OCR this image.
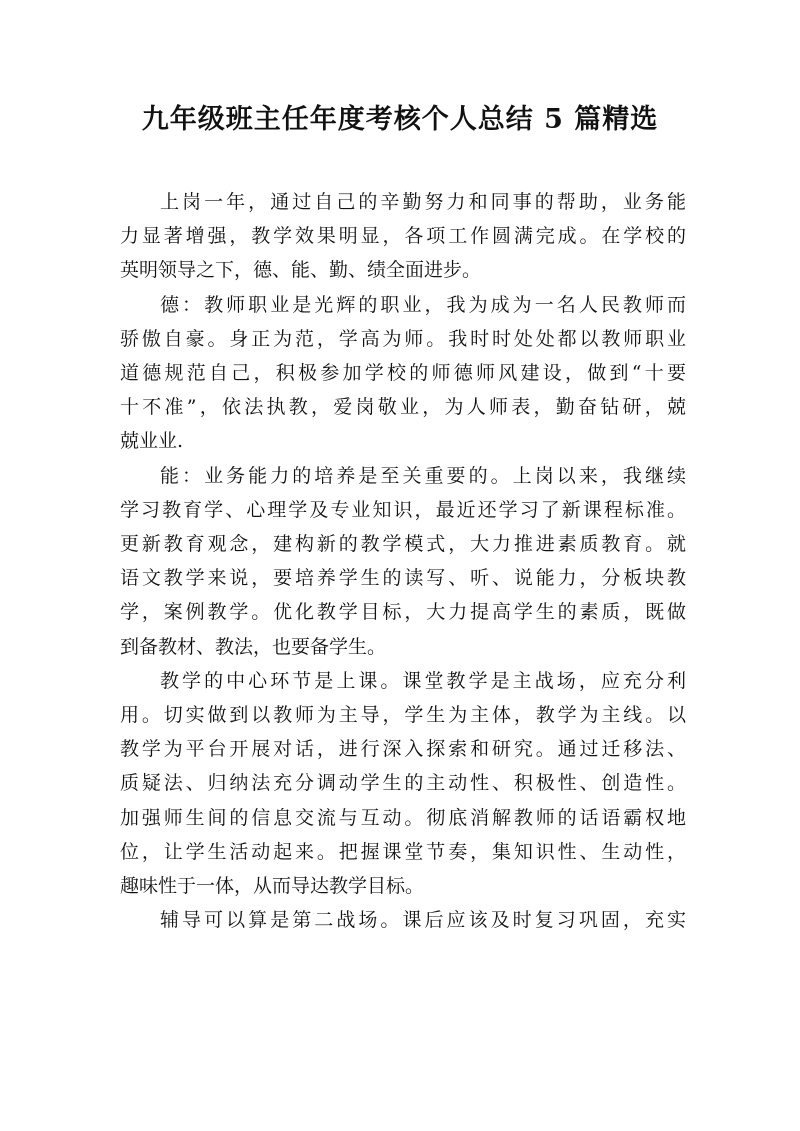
九年级班主任年度考核个人总结 5 篇精选

上岗一年，通过自己的辛勤努力和同事的帮助，业务能
力显著增强，教学效果明显，各项工作圆满完成。在学校的
英明领导之下，德、能、勤、绩全面进步。

德：教师职业是光辉的职业，我为成为一名人民教师而
骄傲自豪。身正为范，学高为师。我时时处处都以教师职业
道德规范自己，积极参加学校的师德师风建设，做到“十要
十不准”，依法执教，爱岗敬业，为人师表，勤奋钻研，兢
兢业业.

能：业务能力的培养是至关重要的。上岗以来，我继续
学习教育学、心理学及专业知识，最近还学习了新课程标准。
更新教育观念，建构新的教学模式，大力推进素质教育。就
语文教学来说，要培养学生的读写、听、说能力，分板块教
学，案例教学。优化教学目标，大力提高学生的素质，既做
到备教材、教法，也要备学生。

教学的中心环节是上课。课堂教学是主战场，应充分利
用。切实做到以教师为主导，学生为主体，教学为主线。以
教学为平台开展对话，进行深入探索和研究。通过迁移法、
质疑法、归纳法充分调动学生的主动性、积极性、创造性。
加强师生间的信息交流与互动。彻底消解教师的话语霸权地
位，让学生活动起来。把握课堂节奏，集知识性、生动性，
趣味性于一体，从而导达教学目标。

辅导可以算是第二战场。课后应该及时复习巩固，充实
